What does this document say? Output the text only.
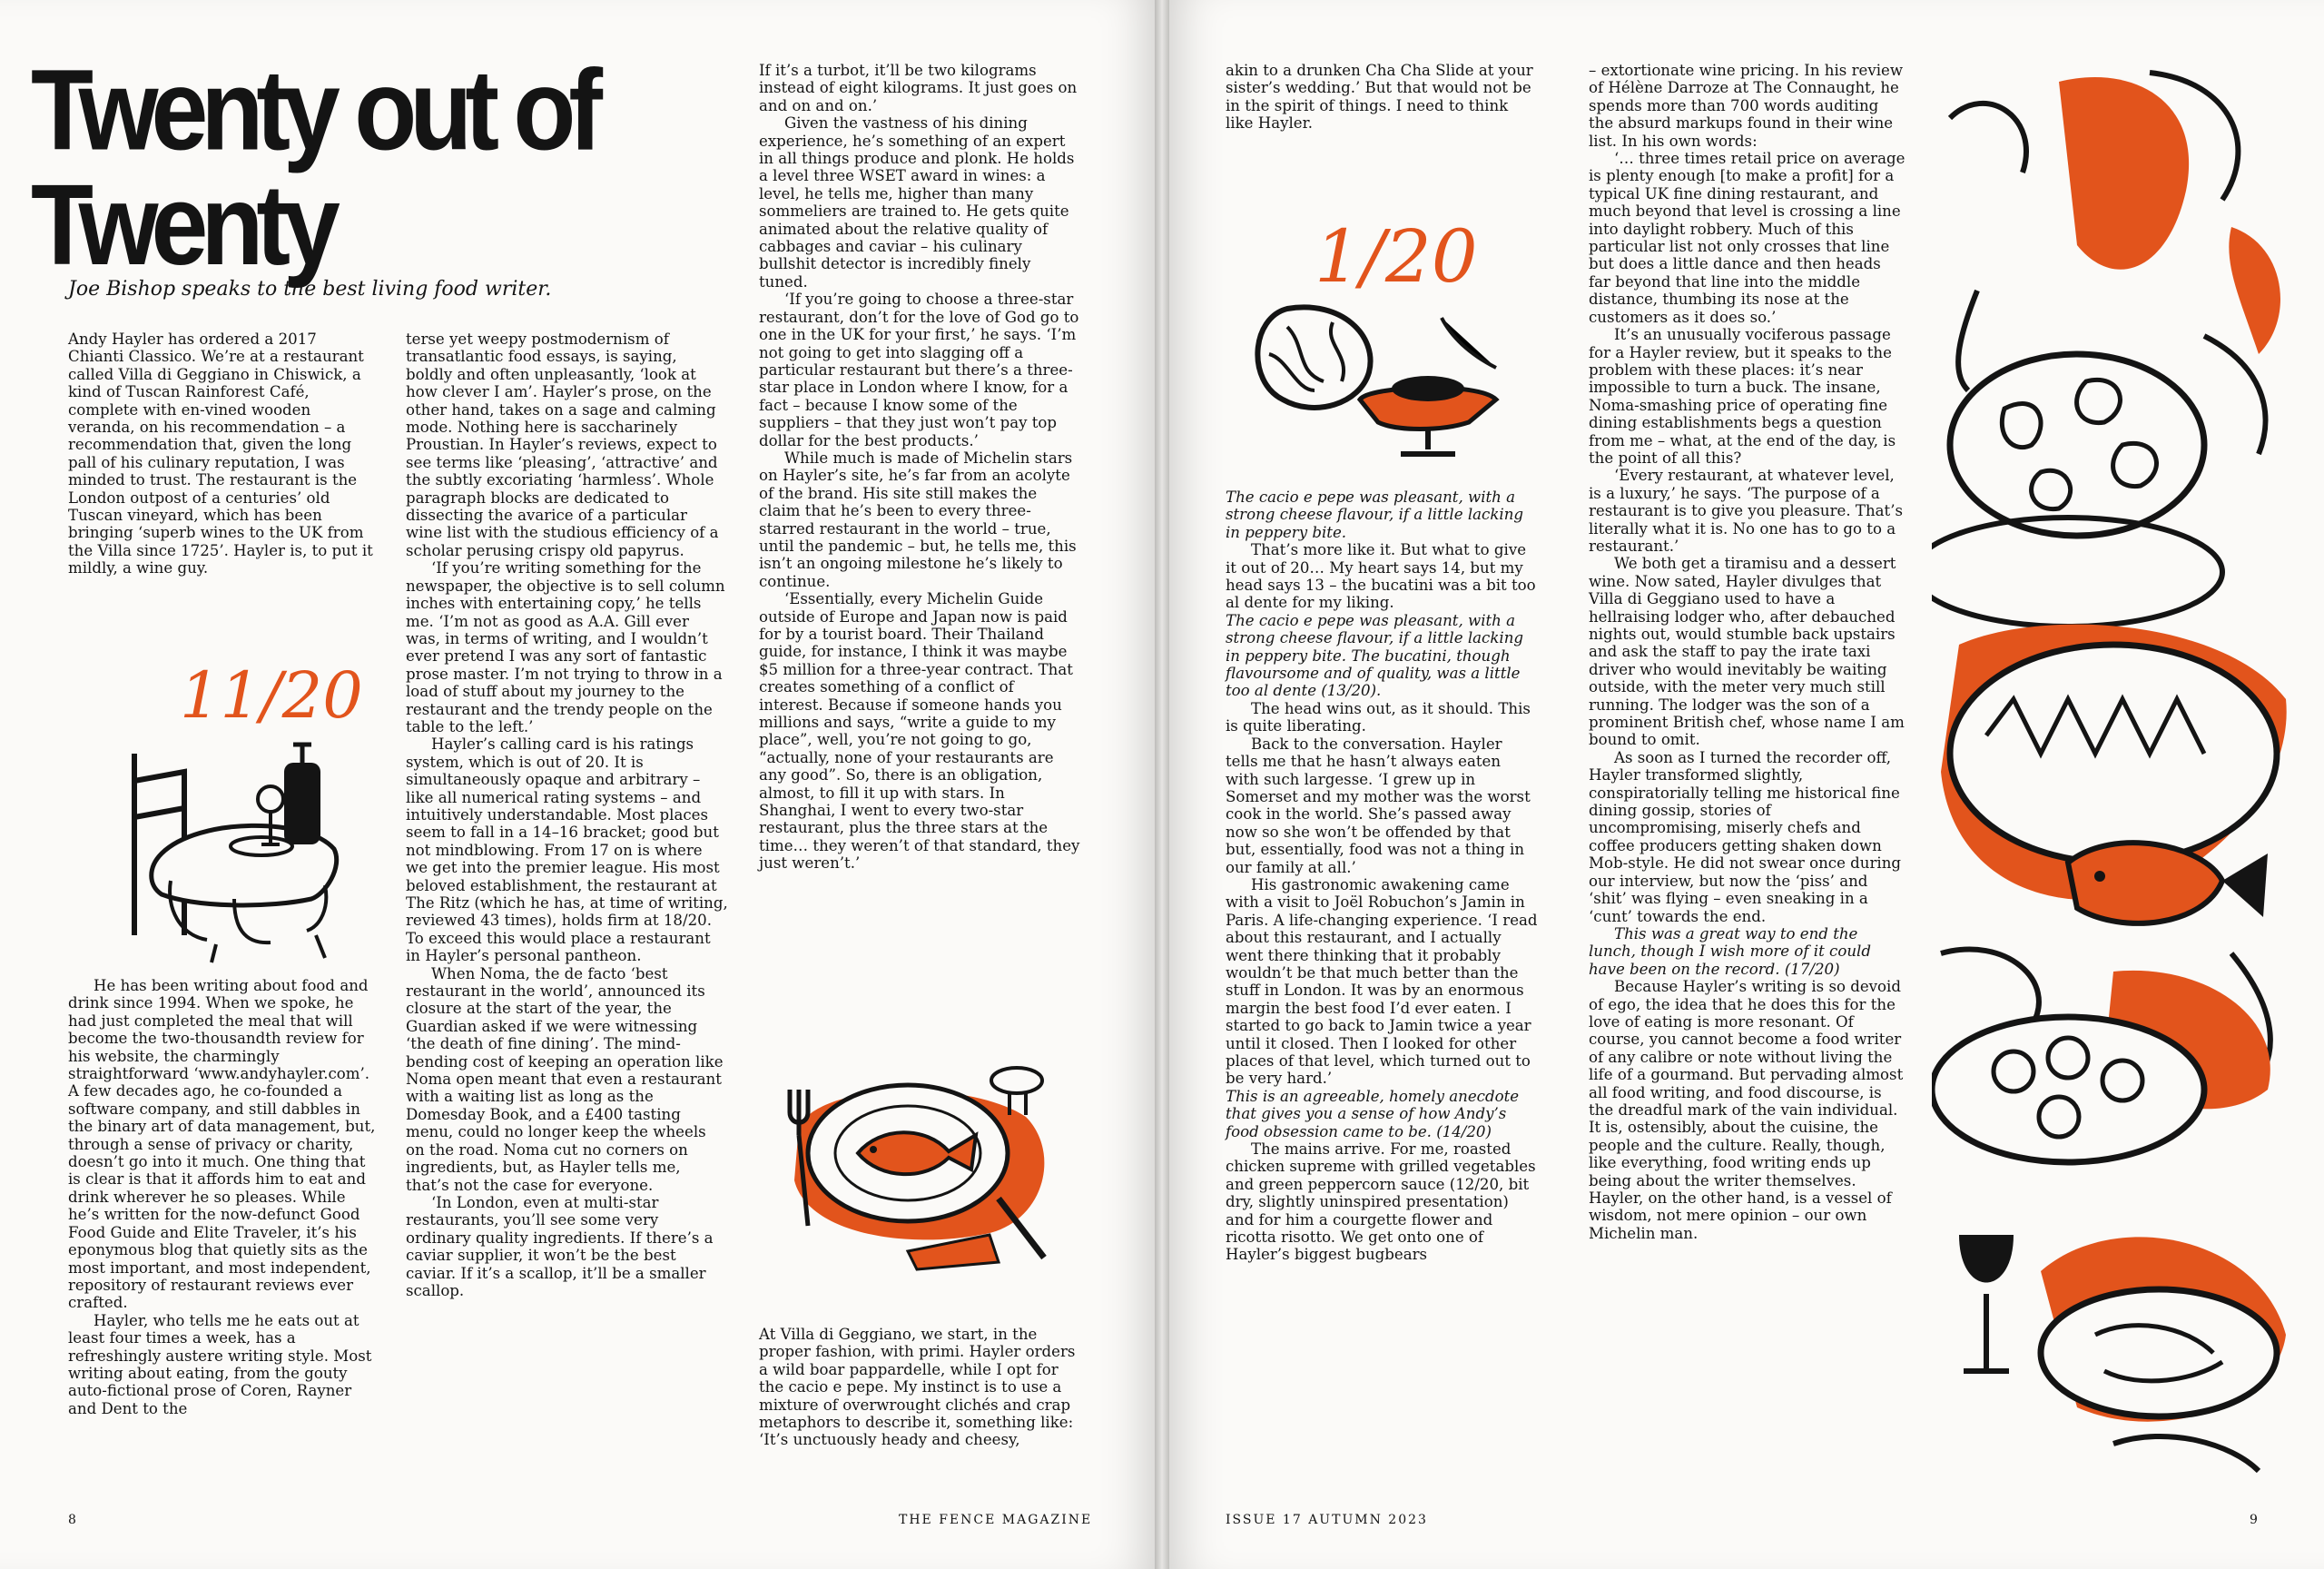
Twenty out of Twenty

Joe Bishop speaks to the best living food writer.

Andy Hayler has ordered a 2017 Chianti Classico. We’re at a restaurant called Villa di Geggiano in Chiswick, a kind of Tuscan Rainforest Café, complete with en-vined wooden veranda, on his recommendation – a recommendation that, given the long pall of his culinary reputation, I was minded to trust. The restaurant is the London outpost of a centuries’ old Tuscan vineyard, which has been bringing ‘superb wines to the UK from the Villa since 1725’. Hayler is, to put it mildly, a wine guy.

11/20

He has been writing about food and drink since 1994. When we spoke, he had just completed the meal that will become the two-thousandth review for his website, the charmingly straightforward ‘www.andyhayler.com’. A few decades ago, he co-founded a software company, and still dabbles in the binary art of data management, but, through a sense of privacy or charity, doesn’t go into it much. One thing that is clear is that it affords him to eat and drink wherever he so pleases. While he’s written for the now-defunct Good Food Guide and Elite Traveler, it’s his eponymous blog that quietly sits as the most important, and most independent, repository of restaurant reviews ever crafted.

Hayler, who tells me he eats out at least four times a week, has a refreshingly austere writing style. Most writing about eating, from the gouty auto-fictional prose of Coren, Rayner and Dent to the

terse yet weepy postmodernism of transatlantic food essays, is saying, boldly and often unpleasantly, ‘look at how clever I am’. Hayler’s prose, on the other hand, takes on a sage and calming mode. Nothing here is saccharinely Proustian. In Hayler’s reviews, expect to see terms like ‘pleasing’, ‘attractive’ and the subtly excoriating ‘harmless’. Whole paragraph blocks are dedicated to dissecting the avarice of a particular wine list with the studious efficiency of a scholar perusing crispy old papyrus.

‘If you’re writing something for the newspaper, the objective is to sell column inches with entertaining copy,’ he tells me. ‘I’m not as good as A.A. Gill ever was, in terms of writing, and I wouldn’t ever pretend I was any sort of fantastic prose master. I’m not trying to throw in a load of stuff about my journey to the restaurant and the trendy people on the table to the left.’

Hayler’s calling card is his ratings system, which is out of 20. It is simultaneously opaque and arbitrary – like all numerical rating systems – and intuitively understandable. Most places seem to fall in a 14–16 bracket; good but not mindblowing. From 17 on is where we get into the premier league. His most beloved establishment, the restaurant at The Ritz (which he has, at time of writing, reviewed 43 times), holds firm at 18/20. To exceed this would place a restaurant in Hayler’s personal pantheon.

When Noma, the de facto ‘best restaurant in the world’, announced its closure at the start of the year, the Guardian asked if we were witnessing ‘the death of fine dining’. The mind-bending cost of keeping an operation like Noma open meant that even a restaurant with a waiting list as long as the Domesday Book, and a £400 tasting menu, could no longer keep the wheels on the road. Noma cut no corners on ingredients, but, as Hayler tells me, that’s not the case for everyone.

‘In London, even at multi-star restaurants, you’ll see some very ordinary quality ingredients. If there’s a caviar supplier, it won’t be the best caviar. If it’s a scallop, it’ll be a smaller scallop.

If it’s a turbot, it’ll be two kilograms instead of eight kilograms. It just goes on and on and on.’

Given the vastness of his dining experience, he’s something of an expert in all things produce and plonk. He holds a level three WSET award in wines: a level, he tells me, higher than many sommeliers are trained to. He gets quite animated about the relative quality of cabbages and caviar – his culinary bullshit detector is incredibly finely tuned.

‘If you’re going to choose a three-star restaurant, don’t for the love of God go to one in the UK for your first,’ he says. ‘I’m not going to get into slagging off a particular restaurant but there’s a three-star place in London where I know, for a fact – because I know some of the suppliers – that they just won’t pay top dollar for the best products.’

While much is made of Michelin stars on Hayler’s site, he’s far from an acolyte of the brand. His site still makes the claim that he’s been to every three-starred restaurant in the world – true, until the pandemic – but, he tells me, this isn’t an ongoing milestone he’s likely to continue.

‘Essentially, every Michelin Guide outside of Europe and Japan now is paid for by a tourist board. Their Thailand guide, for instance, I think it was maybe $5 million for a three-year contract. That creates something of a conflict of interest. Because if someone hands you millions and says, “write a guide to my place”, well, you’re not going to go, “actually, none of your restaurants are any good”. So, there is an obligation, almost, to fill it up with stars. In Shanghai, I went to every two-star restaurant, plus the three stars at the time… they weren’t of that standard, they just weren’t.’

At Villa di Geggiano, we start, in the proper fashion, with primi. Hayler orders a wild boar pappardelle, while I opt for the cacio e pepe. My instinct is to use a mixture of overwrought clichés and crap metaphors to describe it, something like: ‘It’s unctuously heady and cheesy,

8	THE FENCE MAGAZINE

akin to a drunken Cha Cha Slide at your sister’s wedding.’ But that would not be in the spirit of things. I need to think like Hayler.

1/20

The cacio e pepe was pleasant, with a strong cheese flavour, if a little lacking in peppery bite.

That’s more like it. But what to give it out of 20… My heart says 14, but my head says 13 – the bucatini was a bit too al dente for my liking.

The cacio e pepe was pleasant, with a strong cheese flavour, if a little lacking in peppery bite. The bucatini, though flavoursome and of quality, was a little too al dente (13/20).

The head wins out, as it should. This is quite liberating.

Back to the conversation. Hayler tells me that he hasn’t always eaten with such largesse. ‘I grew up in Somerset and my mother was the worst cook in the world. She’s passed away now so she won’t be offended by that but, essentially, food was not a thing in our family at all.’

His gastronomic awakening came with a visit to Joël Robuchon’s Jamin in Paris. A life-changing experience. ‘I read about this restaurant, and I actually went there thinking that it probably wouldn’t be that much better than the stuff in London. It was by an enormous margin the best food I’d ever eaten. I started to go back to Jamin twice a year until it closed. Then I looked for other places of that level, which turned out to be very hard.’

This is an agreeable, homely anecdote that gives you a sense of how Andy’s food obsession came to be. (14/20)

The mains arrive. For me, roasted chicken supreme with grilled vegetables and green peppercorn sauce (12/20, bit dry, slightly uninspired presentation) and for him a courgette flower and ricotta risotto. We get onto one of Hayler’s biggest bugbears

– extortionate wine pricing. In his review of Hélène Darroze at The Connaught, he spends more than 700 words auditing the absurd markups found in their wine list. In his own words:

‘… three times retail price on average is plenty enough [to make a profit] for a typical UK fine dining restaurant, and much beyond that level is crossing a line into daylight robbery. Much of this particular list not only crosses that line but does a little dance and then heads far beyond that line into the middle distance, thumbing its nose at the customers as it does so.’

It’s an unusually vociferous passage for a Hayler review, but it speaks to the problem with these places: it’s near impossible to turn a buck. The insane, Noma-smashing price of operating fine dining establishments begs a question from me – what, at the end of the day, is the point of all this?

‘Every restaurant, at whatever level, is a luxury,’ he says. ‘The purpose of a restaurant is to give you pleasure. That’s literally what it is. No one has to go to a restaurant.’

We both get a tiramisu and a dessert wine. Now sated, Hayler divulges that Villa di Geggiano used to have a hellraising lodger who, after debauched nights out, would stumble back upstairs and ask the staff to pay the irate taxi driver who would inevitably be waiting outside, with the meter very much still running. The lodger was the son of a prominent British chef, whose name I am bound to omit.

As soon as I turned the recorder off, Hayler transformed slightly, conspiratorially telling me historical fine dining gossip, stories of uncompromising, miserly chefs and coffee producers getting shaken down Mob-style. He did not swear once during our interview, but now the ‘piss’ and ‘shit’ was flying – even sneaking in a ‘cunt’ towards the end.

This was a great way to end the lunch, though I wish more of it could have been on the record. (17/20)

Because Hayler’s writing is so devoid of ego, the idea that he does this for the love of eating is more resonant. Of course, you cannot become a food writer of any calibre or note without living the life of a gourmand. But pervading almost all food writing, and food discourse, is the dreadful mark of the vain individual. It is, ostensibly, about the cuisine, the people and the culture. Really, though, like everything, food writing ends up being about the writer themselves. Hayler, on the other hand, is a vessel of wisdom, not mere opinion – our own Michelin man.

ISSUE 17 AUTUMN 2023	9
